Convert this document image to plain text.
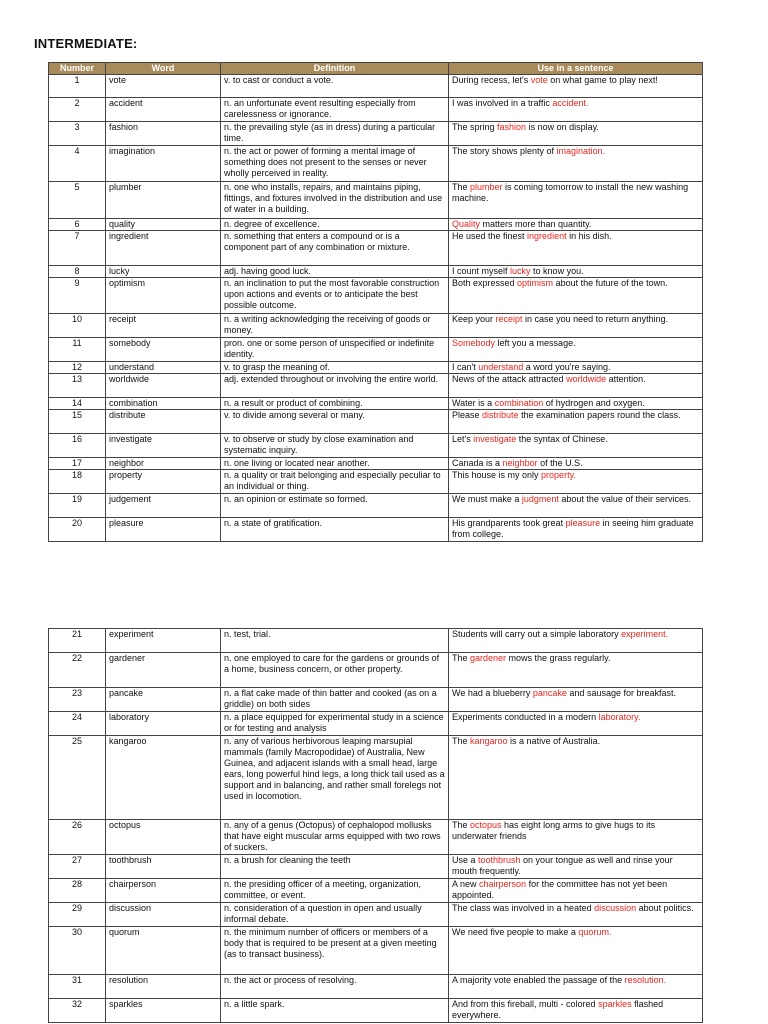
INTERMEDIATE:
Number	Word	Definition	Use in a sentence
1	vote	v. to cast or conduct a vote.	During recess, let's vote on what game to play next!
2	accident	n. an unfortunate event resulting especially from carelessness or ignorance.	I was involved in a traffic accident.
3	fashion	n. the prevailing style (as in dress) during a particular time.	The spring fashion is now on display.
4	imagination	n. the act or power of forming a mental image of something does not present to the senses or never wholly perceived in reality.	The story shows plenty of imagination.
5	plumber	n. one who installs, repairs, and maintains piping, fittings, and fixtures involved in the distribution and use of water in a building.	The plumber is coming tomorrow to install the new washing machine.
6	quality	n. degree of excellence.	Quality matters more than quantity.
7	ingredient	n. something that enters a compound or is a component part of any combination or mixture.	He used the finest ingredient in his dish.
8	lucky	adj. having good luck.	I count myself lucky to know you.
9	optimism	n. an inclination to put the most favorable construction upon actions and events or to anticipate the best possible outcome.	Both expressed optimism about the future of the town.
10	receipt	n. a writing acknowledging the receiving of goods or money.	Keep your receipt in case you need to return anything.
11	somebody	pron. one or some person of unspecified or indefinite identity.	Somebody left you a message.
12	understand	v. to grasp the meaning of.	I can't understand a word you're saying.
13	worldwide	adj. extended throughout or involving the entire world.	News of the attack attracted worldwide attention.
14	combination	n. a result or product of combining.	Water is a combination of hydrogen and oxygen.
15	distribute	v. to divide among several or many.	Please distribute the examination papers round the class.
16	investigate	v. to observe or study by close examination and systematic inquiry.	Let's investigate the syntax of Chinese.
17	neighbor	n. one living or located near another.	Canada is a neighbor of the U.S.
18	property	n. a quality or trait belonging and especially peculiar to an individual or thing.	This house is my only property.
19	judgement	n. an opinion or estimate so formed.	We must make a judgment about the value of their services.
20	pleasure	n. a state of gratification.	His grandparents took great pleasure in seeing him graduate from college.
21	experiment	n. test, trial.	Students will carry out a simple laboratory experiment.
22	gardener	n. one employed to care for the gardens or grounds of a home, business concern, or other property.	The gardener mows the grass regularly.
23	pancake	n. a flat cake made of thin batter and cooked (as on a griddle) on both sides	We had a blueberry pancake and sausage for breakfast.
24	laboratory	n. a place equipped for experimental study in a science or for testing and analysis	Experiments conducted in a modern laboratory.
25	kangaroo	n. any of various herbivorous leaping marsupial mammals (family Macropodidae) of Australia, New Guinea, and adjacent islands with a small head, large ears, long powerful hind legs, a long thick tail used as a support and in balancing, and rather small forelegs not used in locomotion.	The kangaroo is a native of Australia.
26	octopus	n. any of a genus (Octopus) of cephalopod mollusks that have eight muscular arms equipped with two rows of suckers.	The octopus has eight long arms to give hugs to its underwater friends
27	toothbrush	n. a brush for cleaning the teeth	Use a toothbrush on your tongue as well and rinse your mouth frequently.
28	chairperson	n. the presiding officer of a meeting, organization, committee, or event.	A new chairperson for the committee has not yet been appointed.
29	discussion	n. consideration of a question in open and usually informal debate.	The class was involved in a heated discussion about politics.
30	quorum	n. the minimum number of officers or members of a body that is required to be present at a given meeting (as to transact business).	We need five people to make a quorum.
31	resolution	n. the act or process of resolving.	A majority vote enabled the passage of the resolution.
32	sparkles	n. a little spark.	And from this fireball, multi - colored sparkles flashed everywhere.
